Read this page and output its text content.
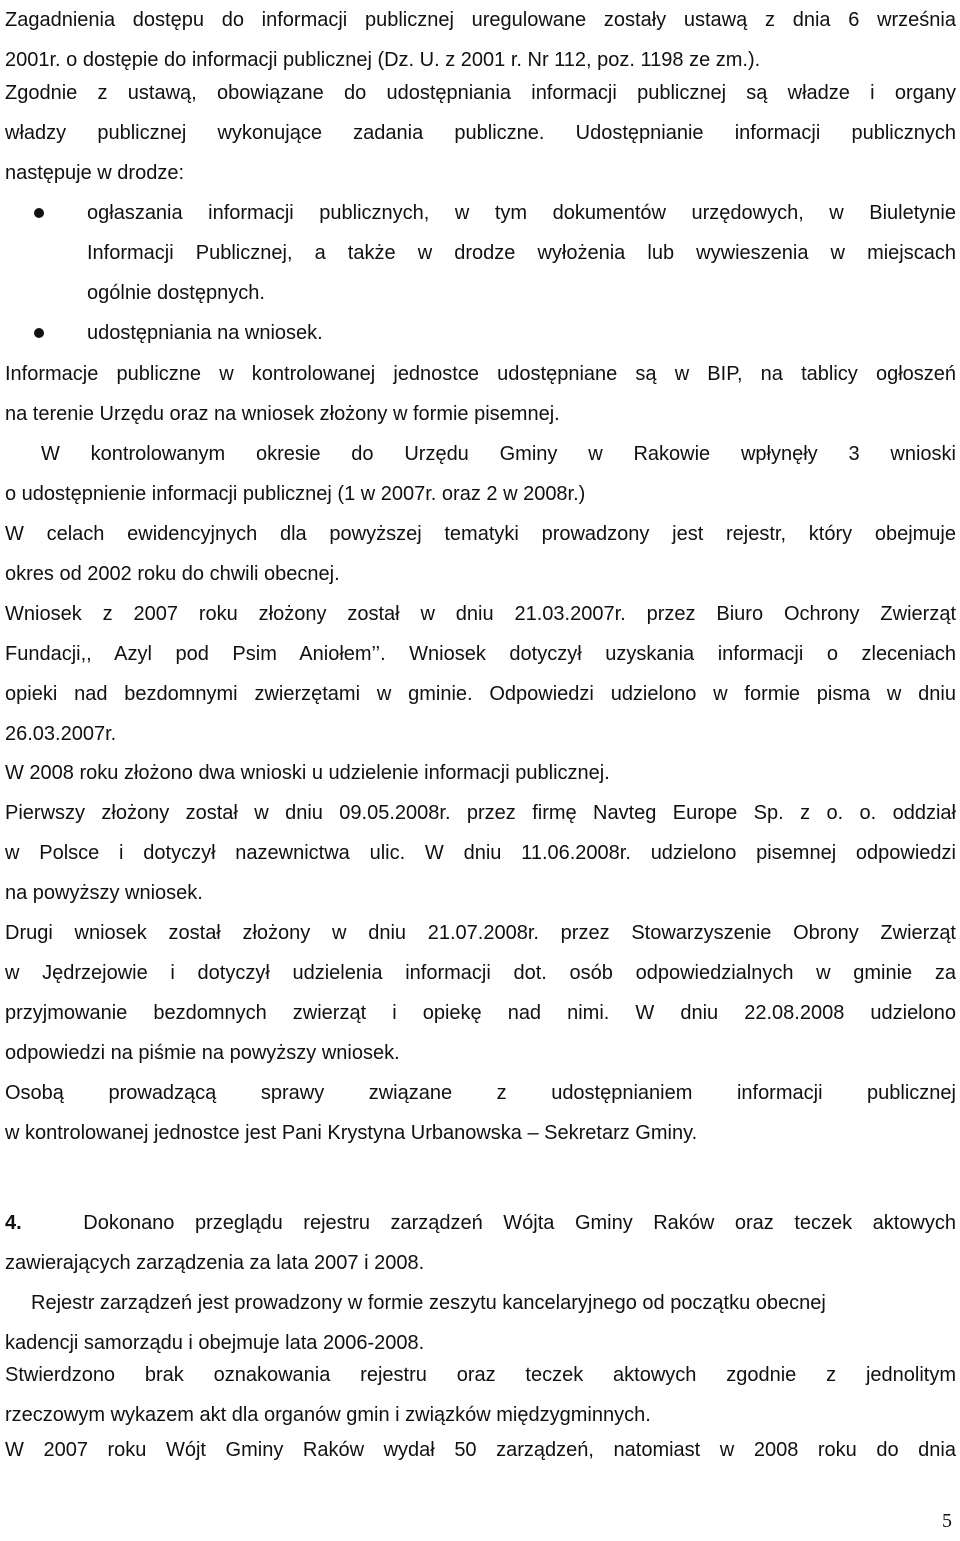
Zagadnienia dostępu do informacji publicznej uregulowane zostały ustawą z dnia 6 września
2001r. o dostępie do informacji publicznej (Dz. U. z 2001 r. Nr 112, poz. 1198 ze zm.).

Zgodnie z ustawą, obowiązane do udostępniania informacji publicznej są władze i organy
władzy publicznej wykonujące zadania publiczne. Udostępnianie informacji publicznych
następuje w drodze:

ogłaszania informacji publicznych, w tym dokumentów urzędowych, w Biuletynie
Informacji Publicznej, a także w drodze wyłożenia lub wywieszenia w miejscach
ogólnie dostępnych.
udostępniania na wniosek.

Informacje publiczne w kontrolowanej jednostce udostępniane są w BIP, na tablicy ogłoszeń
na terenie Urzędu oraz na wniosek złożony w formie pisemnej.

W kontrolowanym okresie do Urzędu Gminy w Rakowie wpłynęły 3 wnioski
o udostępnienie informacji publicznej (1 w 2007r. oraz 2 w 2008r.)

W celach ewidencyjnych dla powyższej tematyki prowadzony jest rejestr, który obejmuje
okres od 2002 roku do chwili obecnej.

Wniosek z 2007 roku złożony został w dniu 21.03.2007r. przez Biuro Ochrony Zwierząt
Fundacji,, Azyl pod Psim Aniołem’’. Wniosek dotyczył uzyskania informacji o zleceniach
opieki nad bezdomnymi zwierzętami w gminie. Odpowiedzi udzielono w formie pisma w dniu
26.03.2007r.

W 2008 roku złożono dwa wnioski u udzielenie informacji publicznej.

Pierwszy złożony został w dniu 09.05.2008r. przez firmę Navteg Europe Sp. z o. o. oddział
w Polsce i dotyczył nazewnictwa ulic. W dniu 11.06.2008r. udzielono pisemnej odpowiedzi
na powyższy wniosek.

Drugi wniosek został złożony w dniu 21.07.2008r. przez Stowarzyszenie Obrony Zwierząt
w Jędrzejowie i dotyczył udzielenia informacji dot. osób odpowiedzialnych w gminie za
przyjmowanie bezdomnych zwierząt i opiekę nad nimi. W dniu 22.08.2008 udzielono
odpowiedzi na piśmie na powyższy wniosek.

Osobą prowadzącą sprawy związane z udostępnianiem informacji publicznej
w kontrolowanej jednostce jest Pani Krystyna Urbanowska – Sekretarz Gminy.

4.	Dokonano przeglądu rejestru zarządzeń Wójta Gminy Raków oraz teczek aktowych
zawierających zarządzenia za lata 2007 i 2008.

Rejestr zarządzeń jest prowadzony w formie zeszytu kancelaryjnego od początku obecnej
kadencji samorządu i obejmuje lata 2006-2008.

Stwierdzono brak oznakowania rejestru oraz teczek aktowych zgodnie z jednolitym
rzeczowym wykazem akt dla organów gmin i związków międzygminnych.

W 2007 roku Wójt Gminy Raków wydał 50 zarządzeń, natomiast w 2008 roku do dnia

5
